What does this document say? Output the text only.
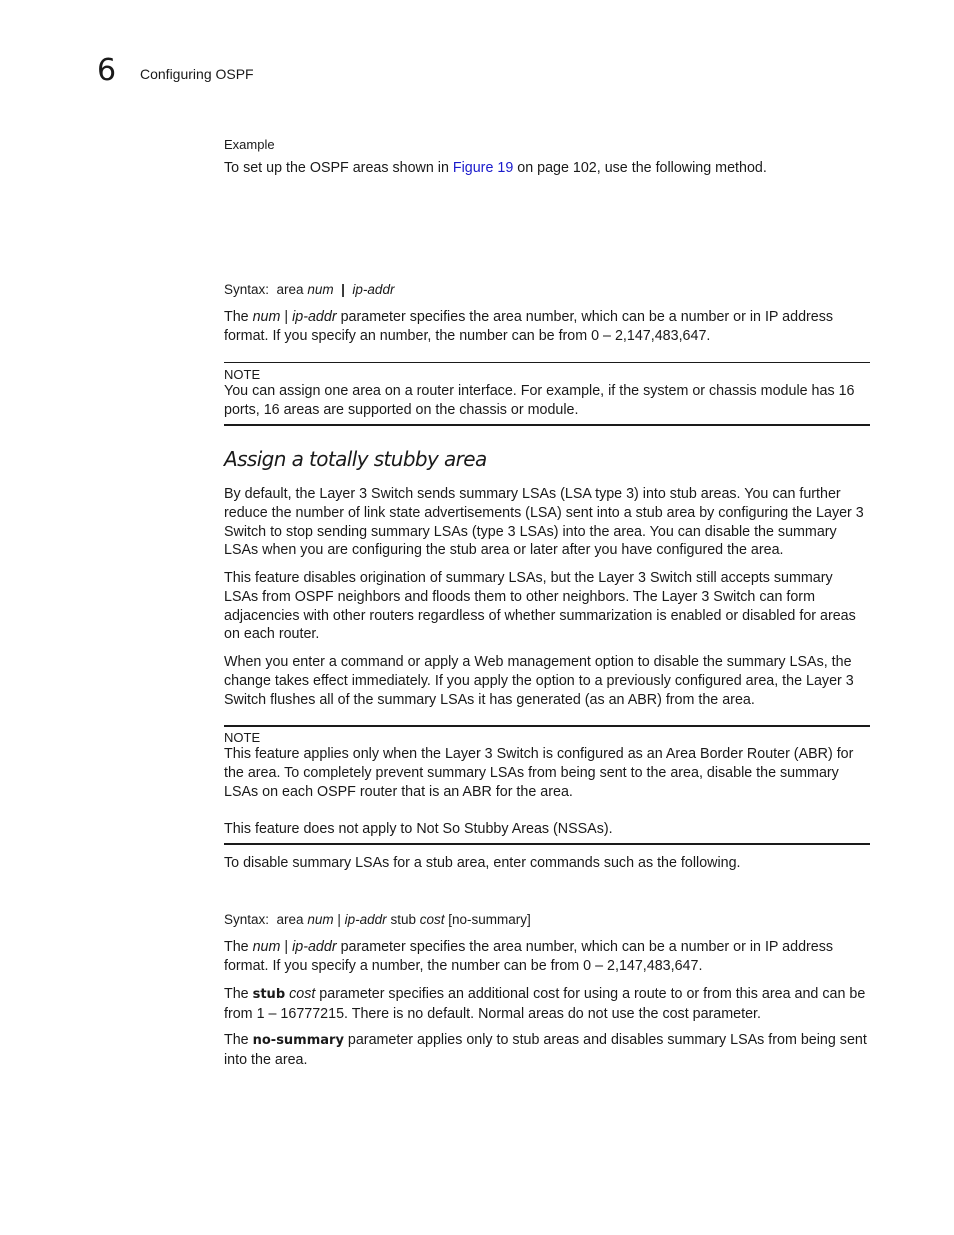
6 Configuring OSPF
Example
To set up the OSPF areas shown in Figure 19 on page 102, use the following method.
Syntax: area num | ip-addr
The num | ip-addr parameter specifies the area number, which can be a number or in IP address format. If you specify an number, the number can be from 0 – 2,147,483,647.
NOTE
You can assign one area on a router interface. For example, if the system or chassis module has 16 ports, 16 areas are supported on the chassis or module.
Assign a totally stubby area
By default, the Layer 3 Switch sends summary LSAs (LSA type 3) into stub areas. You can further reduce the number of link state advertisements (LSA) sent into a stub area by configuring the Layer 3 Switch to stop sending summary LSAs (type 3 LSAs) into the area. You can disable the summary LSAs when you are configuring the stub area or later after you have configured the area.
This feature disables origination of summary LSAs, but the Layer 3 Switch still accepts summary LSAs from OSPF neighbors and floods them to other neighbors. The Layer 3 Switch can form adjacencies with other routers regardless of whether summarization is enabled or disabled for areas on each router.
When you enter a command or apply a Web management option to disable the summary LSAs, the change takes effect immediately. If you apply the option to a previously configured area, the Layer 3 Switch flushes all of the summary LSAs it has generated (as an ABR) from the area.
NOTE
This feature applies only when the Layer 3 Switch is configured as an Area Border Router (ABR) for the area. To completely prevent summary LSAs from being sent to the area, disable the summary LSAs on each OSPF router that is an ABR for the area.
This feature does not apply to Not So Stubby Areas (NSSAs).
To disable summary LSAs for a stub area, enter commands such as the following.
Syntax: area num | ip-addr stub cost [no-summary]
The num | ip-addr parameter specifies the area number, which can be a number or in IP address format. If you specify a number, the number can be from 0 – 2,147,483,647.
The stub cost parameter specifies an additional cost for using a route to or from this area and can be from 1 – 16777215. There is no default. Normal areas do not use the cost parameter.
The no-summary parameter applies only to stub areas and disables summary LSAs from being sent into the area.
